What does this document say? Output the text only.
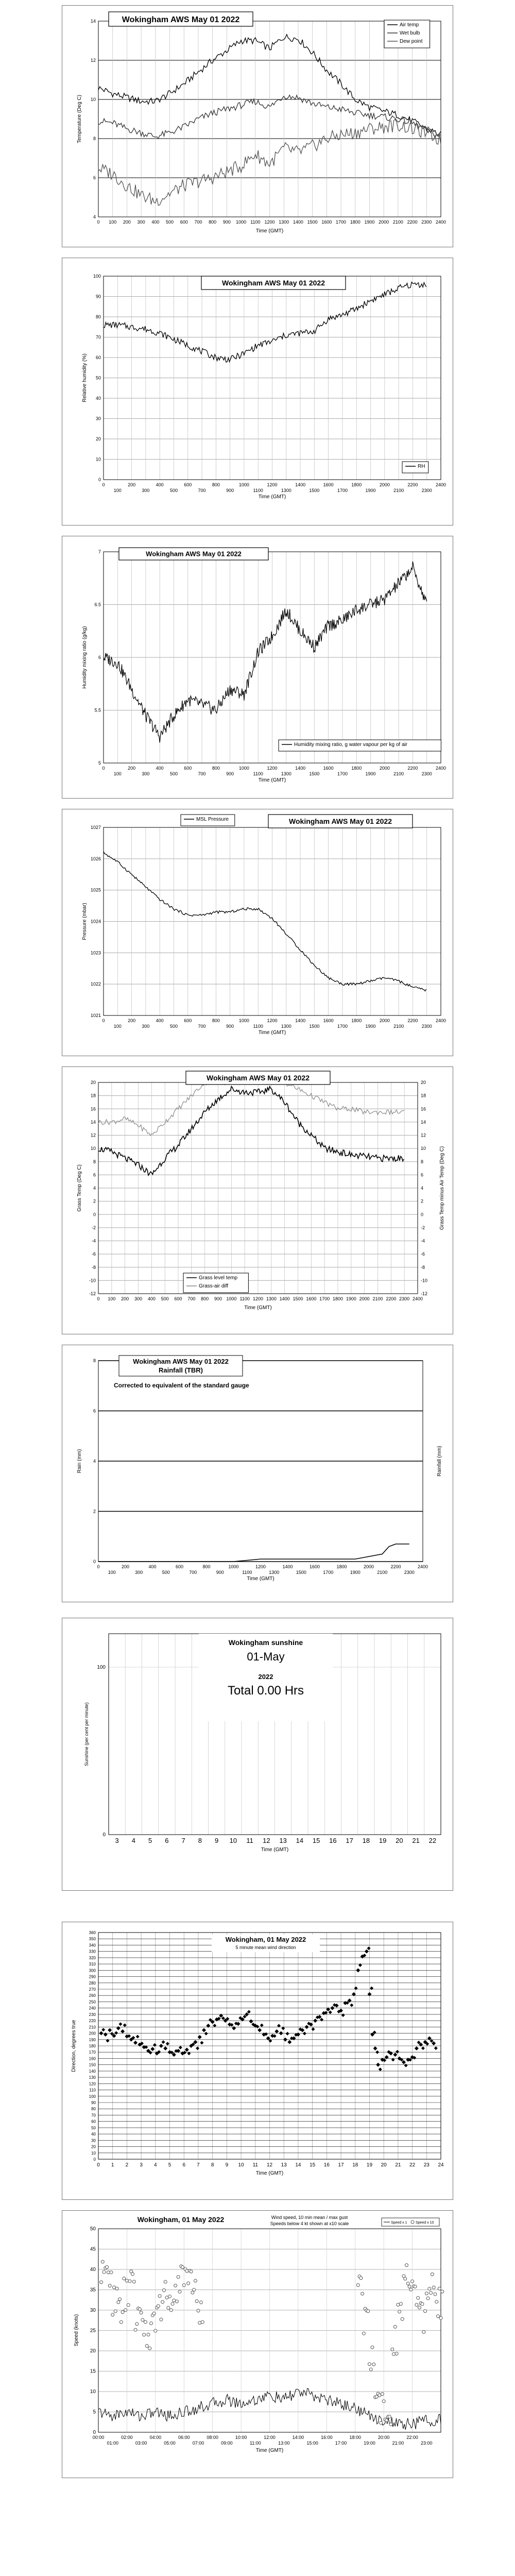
4
6
8
10
12
14
0 100 200 300 400 500 600 700 800 900 1000 1100 1200 1300 1400 1500 1600 1700 1800 1900 2000 2100 2200 2300 2400
Time (GMT)
Temperature (Deg C)
Wokingham AWS May 01 2022
Air temp
Wet bulb
Dew point
0
10
20
30
40
50
60
70
80
90
100
0
100
200
300
400
500
600
700
800
900
1000
1100
1200
1300
1400
1500
1600
1700
1800
1900
2000
2100
2200
2300
2400
Time (GMT)
Relative humidity (%)
Wokingham AWS May 01 2022
RH
5
5.5
6
6.5
7
0
100
200
300
400
500
600
700
800
900
1000
1100
1200
1300
1400
1500
1600
1700
1800
1900
2000
2100
2200
2300
2400
Time (GMT)
Humidity mixing ratio (g/kg)
Wokingham AWS May 01 2022
Humidity mixing ratio, g water vapour per kg of air
1021
1022
1023
1024
1025
1026
1027
0
100
200
300
400
500
600
700
800
900
1000
1100
1200
1300
1400
1500
1600
1700
1800
1900
2000
2100
2200
2300
2400
Time (GMT)
Pressure (mbar)
MSL Pressure	Wokingham AWS May 01 2022
-12
-10
-8
-6
-4
-2
0
2
4
6
8
10
12
14
16
18
20
0 100 200 300 400 500 600 700 800 900 1000 1100 1200 1300 1400 1500 1600 1700 1800 1900 2000 2100 2200 2300 2400
Time (GMT)
Grass Temp (Deg C)
-12
-10
-8
-6
-4
-2
0
2
4
6
8
10
12
14
16
18
20
Grass Temp minus Air Temp (Deg C)
Wokingham AWS May 01 2022
Grass level temp
Grass-air diff
0
2
4
6
8
0
100
200
300
400
500
600
700
800
900
1000
1100
1200
1300
1400
1500
1600
1700
1800
1900
2000
2100
2200
2300
2400
Time (GMT)
Rain (mm)	Rainfall (mm)
Wokingham AWS May 01 2022
Rainfall (TBR)
Corrected to equivalent of the standard gauge
0
100
3 4 5 6 7 8 9 10 11 12 13 14 15 16 17 18 19 20 21 22
Time (GMT)
Sunshine (per cent per minute)
Wokingham sunshine
01-May
2022
Total 0.00 Hrs
0 1 2 3 4 5 6 7 8 9 10 11 12 13 14 15 16 17 18 19 20 21 22 23 24
0
10
20
30
40
50
60
70
80
90
100
110
120
130
140
150
160
170
180
190
200
210
220
230
240
250
260
270
280
290
300
310
320
330
340
350
360
Wokingham, 01 May 2022
5 minute mean wind direction
Time (GMT)
Direction, degrees true
0
5
10
15
20
25
30
35
40
45
50
00:00	02:00	04:00	06:00	08:00	10:00	12:00	14:00	16:00	18:00	20:00	22:00
01:00	03:00	05:00	07:00	09:00	11:00	13:00	15:00	17:00	19:00	21:00	23:00
Wokingham, 01 May 2022	Wind speed, 10 min mean / max gust
Speeds below 4 kt shown at x10 scale	Speed x 1 Speed x 10
Time (GMT)
Speed (knots)
